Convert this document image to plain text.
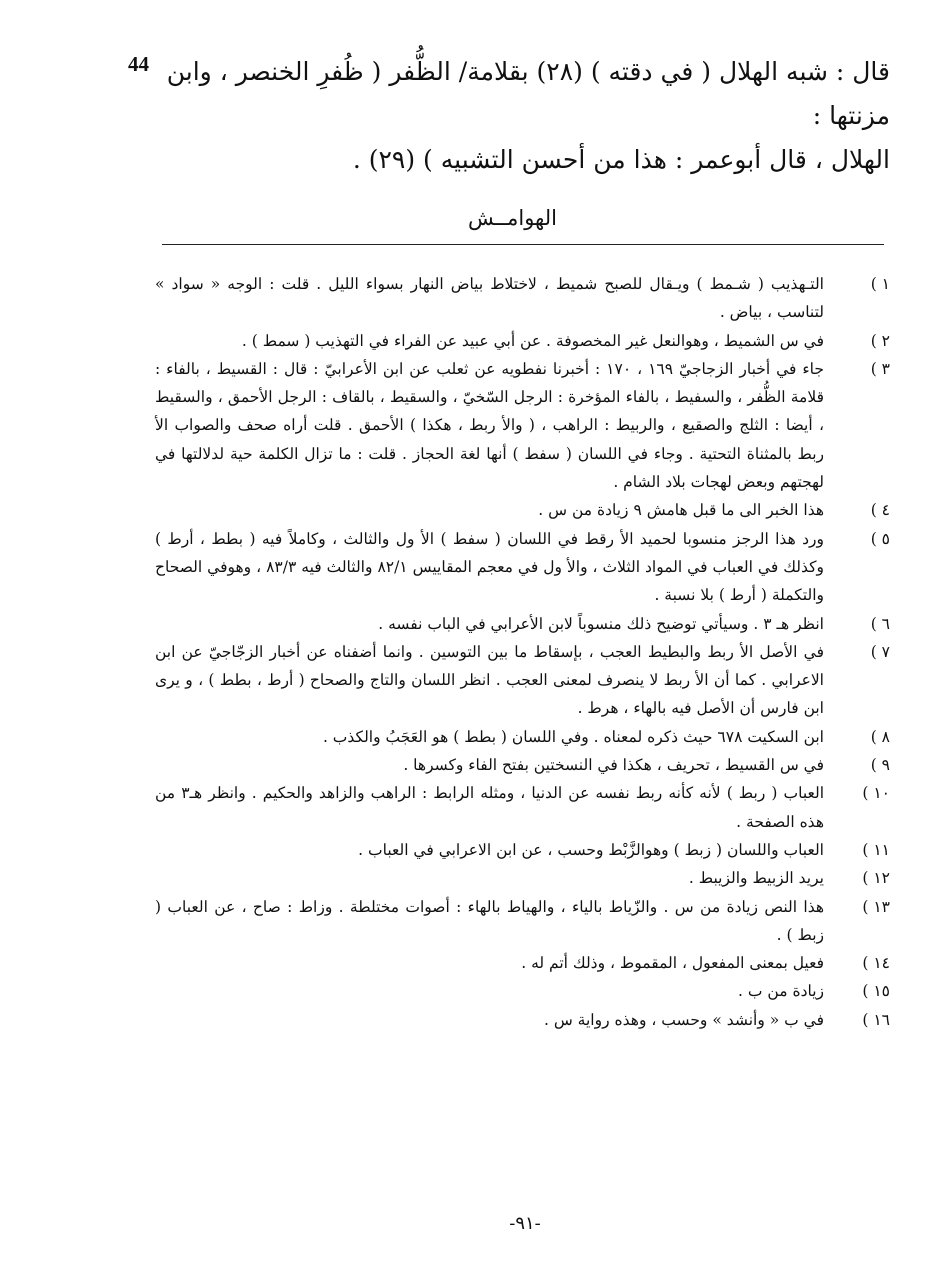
44 قال : شبه الهلال ( في دقته ) (٢٨) بقلامة/ الظُّفر ( ظُفرِ الخنصر ، وابن مزنتها :
الهلال ، قال أبوعمر : هذا من أحسن التشبيه ) (٢٩) .
الهوامــش
١ )
التـهذيب ( شـمط ) ويـقال للصبح شميط ، لاختلاط بياض النهار بسواء الليل . قلت : الوجه « سواد » لتناسب ، بياض .
٢ )
في س الشميط ، وهوالنعل غير المخصوفة . عن أبي عبيد عن الفراء في التهذيب ( سمط ) .
٣ )
جاء في أخبار الزجاجيّ ١٦٩ ، ١٧٠ : أخبرنا نفطويه عن ثعلب عن ابن الأعرابيّ : قال : القسيط ، بالفاء : قلامة الظُّفر ، والسفيط ، بالفاء المؤخرة : الرجل السّخيّ ، والسقيط ، بالقاف : الرجل الأحمق ، والسقيط ، أيضا : الثلج والصقيع ، والربيط : الراهب ، ( والأ ربط ، هكذا ) الأحمق . قلت أراه صحف والصواب الأ ربط بالمثناة التحتية . وجاء في اللسان ( سفط ) أنها لغة الحجاز . قلت : ما تزال الكلمة حية لدلالتها في لهجتهم وبعض لهجات بلاد الشام .
٤ )
هذا الخبر الى ما قبل هامش ٩ زيادة من س .
٥ )
ورد هذا الرجز منسوبا لحميد الأ رقط في اللسان ( سفط ) الأ ول والثالث ، وكاملاً فيه ( بطط ، أرط ) وكذلك في العباب في المواد الثلاث ، والأ ول في معجم المقاييس ٨٢/١ والثالث فيه ٨٣/٣ ، وهوفي الصحاح والتكملة ( أرط ) بلا نسبة .
٦ )
انظر هـ ٣ . وسيأتي توضيح ذلك منسوباً لابن الأعرابي في الباب نفسه .
٧ )
في الأصل الأ ربط والبطيط العجب ، بإسقاط ما بين التوسين . وانما أضفناه عن أخبار الزجّاجيّ عن ابن الاعرابي . كما أن الأ ربط لا ينصرف لمعنى العجب . انظر اللسان والتاج والصحاح ( أرط ، بطط ) ، و يرى ابن فارس أن الأصل فيه بالهاء ، هرط .
٨ )
ابن السكيت ٦٧٨ حيث ذكره لمعناه . وفي اللسان ( بطط ) هو العَجَبُ والكذب .
٩ )
في س القسيط ، تحريف ، هكذا في النسختين بفتح الفاء وكسرها .
١٠ )
العباب ( ربط ) لأنه كأنه ربط نفسه عن الدنيا ، ومثله الرابط : الراهب والزاهد والحكيم . وانظر هـ٣ من هذه الصفحة .
١١ )
العباب واللسان ( زبط ) وهوالزَّبْط وحسب ، عن ابن الاعرابي في العباب .
١٢ )
يريد الزبيط والزيبط .
١٣ )
هذا النص زيادة من س . والزّياط بالياء ، والهياط بالهاء : أصوات مختلطة . وزاط : صاح ، عن العباب ( زبط ) .
١٤ )
فعيل بمعنى المفعول ، المقموط ، وذلك أتم له .
١٥ )
زيادة من ب .
١٦ )
في ب « وأنشد » وحسب ، وهذه رواية س .
-٩١-
